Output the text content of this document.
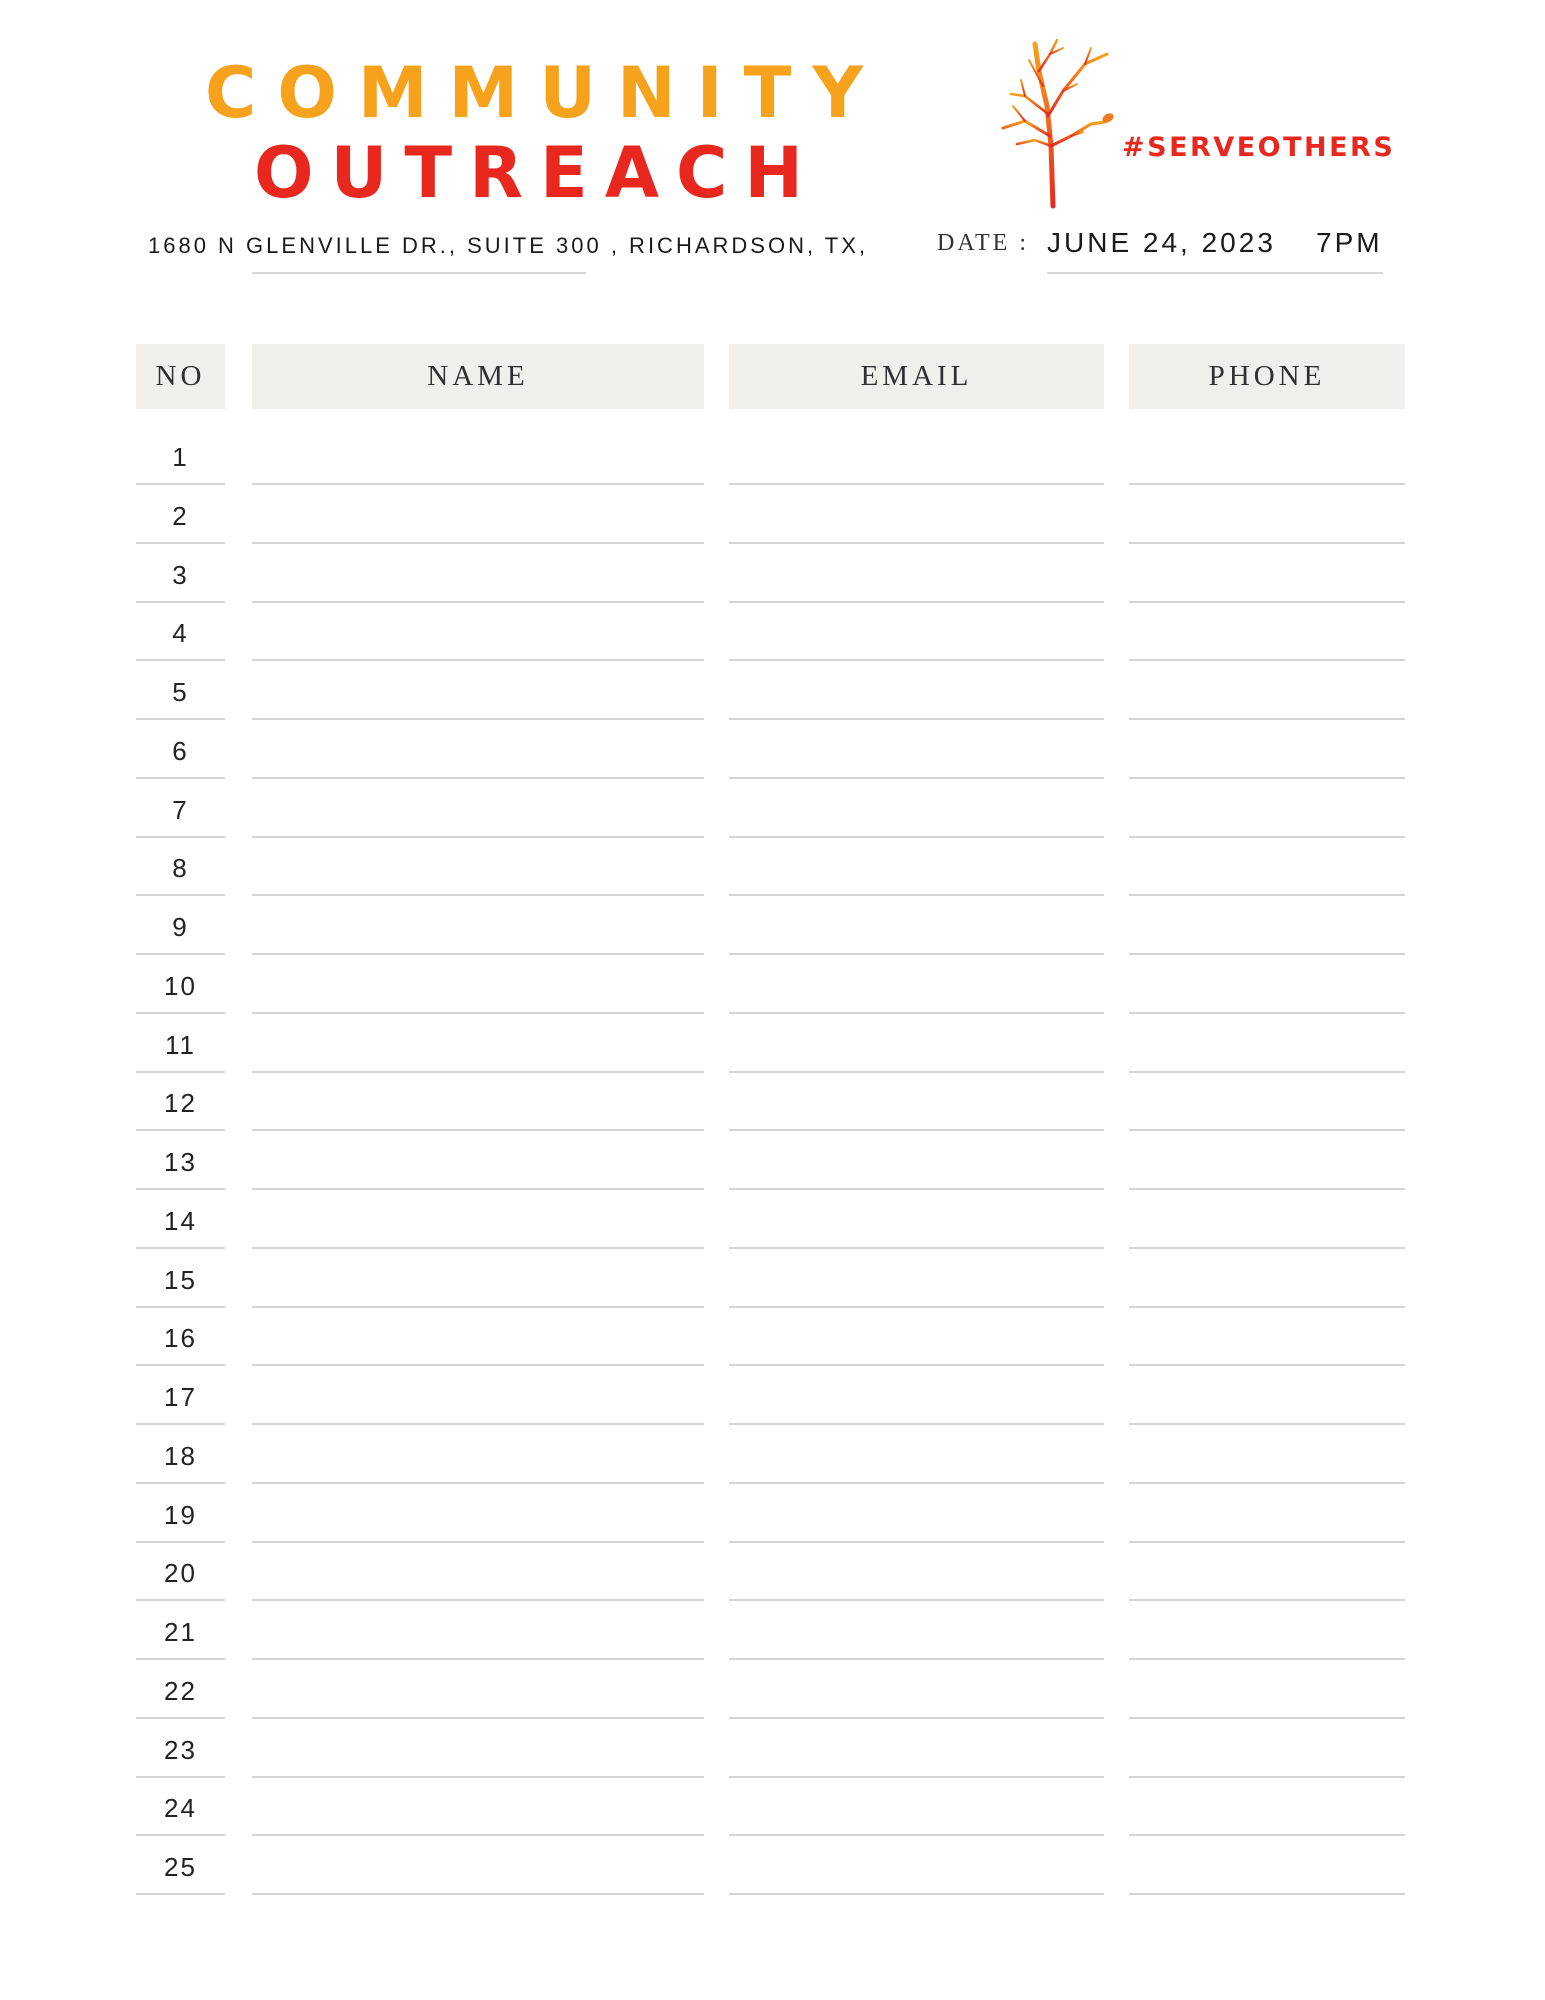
COMMUNITY
OUTREACH
1680 N GLENVILLE DR., SUITE 300 , RICHARDSON, TX,
#SERVEOTHERS
DATE : JUNE 24, 2023 7PM
NO	NAME	EMAIL	PHONE
1
2
3
4
5
6
7
8
9
10
11
12
13
14
15
16
17
18
19
20
21
22
23
24
25
